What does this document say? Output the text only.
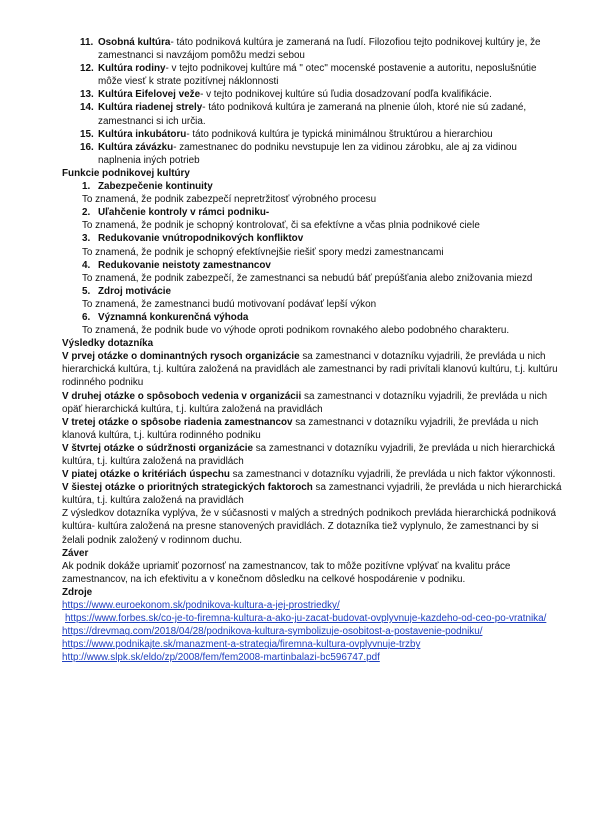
11. Osobná kultúra- táto podniková kultúra je zameraná na ľudí. Filozofiou tejto podnikovej kultúry je, že zamestnanci si navzájom pomôžu medzi sebou
12. Kultúra rodiny- v tejto podnikovej kultúre má " otec" mocenské postavenie a autoritu, neposlušnútie môže viesť k strate pozitívnej náklonnosti
13. Kultúra Eifelovej veže- v tejto podnikovej kultúre sú ľudia dosadzovaní podľa kvalifikácie.
14. Kultúra riadenej strely- táto podniková kultúra je zameraná na plnenie úloh, ktoré nie sú zadané, zamestnanci si ich určia.
15. Kultúra inkubátoru- táto podniková kultúra je typická minimálnou štruktúrou a hierarchiou
16. Kultúra závázku- zamestnanec do podniku nevstupuje len za vidinou zárobku, ale aj za vidinou naplnenia iných potrieb
Funkcie podnikovej kultúry
1. Zabezpečenie kontinuity
To znamená, že podnik zabezpečí nepretržitosť výrobného procesu
2. Uľahčenie kontroly v rámci podniku-
To znamená, že podnik je schopný kontrolovať, či sa efektívne a včas plnia podnikové ciele
3. Redukovanie vnútropodnikových konfliktov
To znamená, že podnik je schopný efektívnejšie riešiť spory medzi zamestnancami
4. Redukovanie neistoty zamestnancov
To znamená, že podnik zabezpečí, že zamestnanci sa nebudú báť prepúšťania alebo znižovania miezd
5. Zdroj motivácie
To znamená, že zamestnanci budú motivovaní podávať lepší výkon
6. Významná konkurenčná výhoda
To znamená, že podnik bude vo výhode oproti podnikom rovnakého alebo podobného charakteru.
Výsledky dotazníka

V prvej otázke o dominantných rysoch organizácie sa zamestnanci v dotazníku vyjadrili, že prevláda u nich hierarchická kultúra, t.j. kultúra založená na pravidlách ale zamestnanci by radi privítali klanovú kultúru, t.j. kultúru rodinného podniku

V druhej otázke o spôsoboch vedenia v organizácii sa zamestnanci v dotazníku vyjadrili, že prevláda u nich opäť hierarchická kultúra, t.j. kultúra založená na pravidlách

V tretej otázke o spôsobe riadenia zamestnancov sa zamestnanci v dotazníku vyjadrili, že prevláda u nich klanová kultúra, t.j. kultúra rodinného podniku

V štvrtej otázke o súdržnosti organizácie sa zamestnanci v dotazníku vyjadrili, že prevláda u nich hierarchická kultúra, t.j. kultúra založená na pravidlách

V piatej otázke o kritériách úspechu sa zamestnanci v dotazníku vyjadrili, že prevláda u nich faktor výkonnosti.

V šiestej otázke o prioritných strategických faktoroch sa zamestnanci vyjadrili, že prevláda u nich hierarchická kultúra, t.j. kultúra založená na pravidlách

Z výsledkov dotazníka vyplýva, že v súčasnosti v malých a stredných podnikoch prevláda hierarchická podniková kultúra- kultúra založená na presne stanovených pravidlách. Z dotazníka tiež vyplynulo, že zamestnanci by si želali podnik založený v rodinnom duchu.

Záver

Ak podnik dokáže upriamiť pozornosť na zamestnancov, tak to môže pozitívne vplývať na kvalitu práce zamestnancov, na ich efektivitu a v konečnom dôsledku na celkové hospodárenie v podniku.

Zdroje
https://www.euroekonom.sk/podnikova-kultura-a-jej-prostriedky/
https://www.forbes.sk/co-je-to-firemna-kultura-a-ako-ju-zacat-budovat-ovplyvnuje-kazdeho-od-ceo-po-vratnika/
https://drevmag.com/2018/04/28/podnikova-kultura-symbolizuje-osobitost-a-postavenie-podniku/
https://www.podnikajte.sk/manazment-a-strategia/firemna-kultura-ovplyvnuje-trzby
http://www.slpk.sk/eldo/zp/2008/fem/fem2008-martinbalazi-bc596747.pdf
